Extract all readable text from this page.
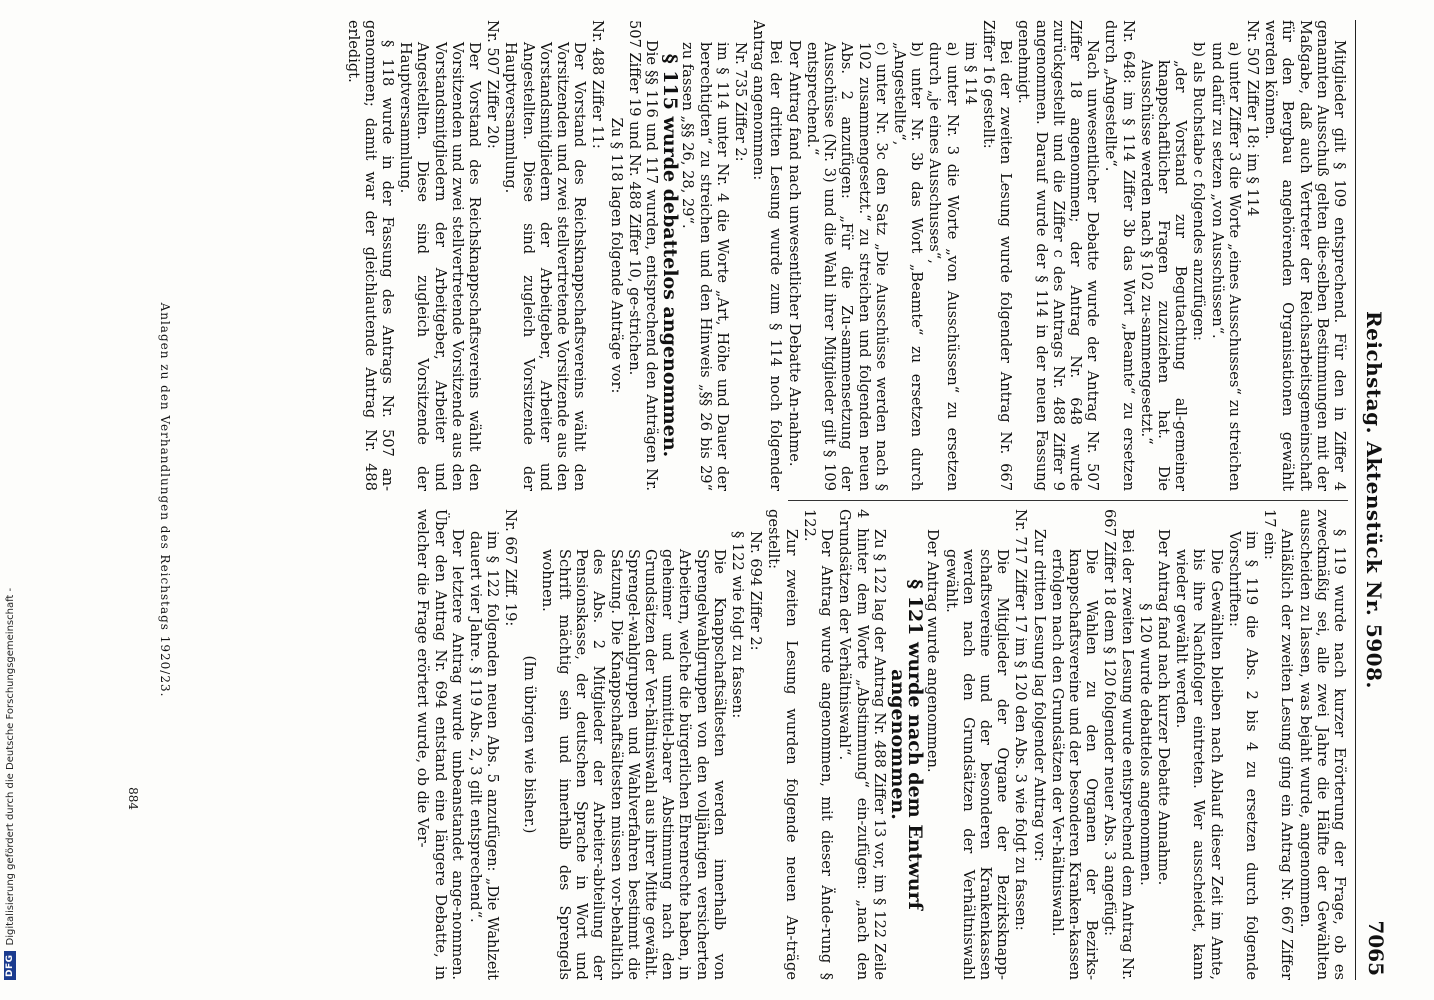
DFG
Digitalisierung gefördert durch die Deutsche Forschungsgemeinschaft -
Reichstag. Aktenstück Nr. 5908.
7065

Mitglieder gilt § 109 entsprechend. Für den in Ziffer 4 genannten Ausschuß gelten die-selben Bestimmungen mit der Maßgabe, daß auch Vertreter der Reichsarbeitsgemeinschaft für den Bergbau angehörenden Organisationen gewählt werden können.

Nr. 507 Ziffer 18: im § 114

a) unter Ziffer 3 die Worte „eines Ausschusses“ zu streichen und dafür zu setzen „von Ausschüssen“.

b) als Buchstabe c folgendes anzufügen:

„der Vorstand zur Begutachtung all-gemeiner knappschaftlicher Fragen zuzuziehen hat. Die Ausschüsse werden nach § 102 zu-sammengesetzt.“

Nr. 648: im § 114 Ziffer 3b das Wort „Beamte“ zu ersetzen durch „Angestellte“.

Nach unwesentlicher Debatte wurde der Antrag Nr. 507 Ziffer 18 angenommen; der Antrag Nr. 648 wurde zurückgestellt und die Ziffer c des Antrags Nr. 488 Ziffer 9 angenommen. Darauf wurde der § 114 in der neuen Fassung genehmigt.

Bei der zweiten Lesung wurde folgender Antrag Nr. 667 Ziffer 16 gestellt:

im § 114

a) unter Nr. 3 die Worte „von Ausschüssen“ zu ersetzen durch „je eines Ausschusses“,

b) unter Nr. 3b das Wort „Beamte“ zu ersetzen durch „Angestellte“,

c) unter Nr. 3c den Satz „Die Ausschüsse werden nach § 102 zusammengesetzt.“ zu streichen und folgenden neuen Abs. 2 anzufügen: „Für die Zu-sammensetzung der Ausschüsse (Nr. 3) und die Wahl ihrer Mitglieder gilt § 109 entsprechend.“

Der Antrag fand nach unwesentlicher Debatte An-nahme.

Bei der dritten Lesung wurde zum § 114 noch folgender Antrag angenommen:

Nr. 735 Ziffer 2:

im § 114 unter Nr. 4 die Worte „Art, Höhe und Dauer der berechtigten“ zu streichen und den Hinweis „§§ 26 bis 29“ zu fassen „§§ 26, 28, 29“.

§ 115 wurde debattelos angenommen.

Die §§ 116 und 117 wurden, entsprechend den Anträgen Nr. 507 Ziffer 19 und Nr. 488 Ziffer 10, ge-strichen.

Zu § 118 lagen folgende Anträge vor:

Nr. 488 Ziffer 11:

Der Vorstand des Reichsknappschaftsvereins wählt den Vorsitzenden und zwei stellvertretende Vorsitzende aus den Vorstandsmitgliedern der Arbeitgeber, Arbeiter und Angestellten. Diese sind zugleich Vorsitzende der Hauptversammlung.

Nr. 507 Ziffer 20:

Der Vorstand des Reichsknappschaftsvereins wählt den Vorsitzenden und zwei stellvertretende Vorsitzende aus den Vorstandsmitgliedern der Arbeitgeber, Arbeiter und Angestellten. Diese sind zugleich Vorsitzende der Hauptversammlung.

§ 118 wurde in der Fassung des Antrags Nr. 507 an-genommen; damit war der gleichlautende Antrag Nr. 488 erledigt.

§ 119 wurde nach kurzer Erörterung der Frage, ob es zweckmäßig sei, alle zwei Jahre die Hälfte der Gewählten ausscheiden zu lassen, was bejaht wurde, angenommen.

Anläßlich der zweiten Lesung ging ein Antrag Nr. 667 Ziffer 17 ein:

im § 119 die Abs. 2 bis 4 zu ersetzen durch folgende Vorschriften:

Die Gewählten bleiben nach Ablauf dieser Zeit im Amte, bis ihre Nachfolger eintreten. Wer ausscheidet, kann wieder gewählt werden.

Der Antrag fand nach kurzer Debatte Annahme.

§ 120 wurde debattelos angenommen.

Bei der zweiten Lesung wurde entsprechend dem Antrag Nr. 667 Ziffer 18 dem § 120 folgender neuer Abs. 3 angefügt:

Die Wahlen zu den Organen der Bezirks-knappschaftsvereine und der besonderen Kranken-kassen erfolgen nach den Grundsätzen der Ver-hältniswahl.

Zur dritten Lesung lag folgender Antrag vor:

Nr. 717 Ziffer 17 im § 120 den Abs. 3 wie folgt zu fassen:

Die Mitglieder der Organe der Bezirksknapp-schaftsvereine und der besonderen Krankenkassen werden nach den Grundsätzen der Verhältniswahl gewählt.

Der Antrag wurde angenommen.

§ 121 wurde nach dem Entwurf angenommen.

Zu § 122 lag der Antrag Nr. 488 Ziffer 13 vor, im § 122 Zeile 4 hinter dem Worte „Abstimmung“ ein-zufügen: „nach den Grundsätzen der Verhältniswahl“.

Der Antrag wurde angenommen, mit dieser Ände-rung § 122.

Zur zweiten Lesung wurden folgende neuen An-träge gestellt:

Nr. 694 Ziffer 2:

§ 122 wie folgt zu fassen:

Die Knappschaftsältesten werden innerhalb von Sprengelwahlgruppen von den volljährigen versicherten Arbeitern, welche die bürgerlichen Ehrenrechte haben, in geheimer und unmittel-barer Abstimmung nach den Grundsätzen der Ver-hältniswahl aus ihrer Mitte gewählt. Sprengel-wahlgruppen und Wahlverfahren bestimmt die Satzung. Die Knappschaftsältesten müssen vor-behaltlich des Abs. 2 Mitglieder der Arbeiter-abteilung der Pensionskasse, der deutschen Sprache in Wort und Schrift mächtig sein und innerhalb des Sprengels wohnen.

(Im übrigen wie bisher.)

Nr. 667 Ziff. 19:

im § 122 folgenden neuen Abs. 5 anzufügen: „Die Wahlzeit dauert vier Jahre. § 119 Abs. 2, 3 gilt entsprechend“.

Der letztere Antrag wurde unbeanstandet ange-nommen. Über den Antrag Nr. 694 entstand eine längere Debatte, in welcher die Frage erörtert wurde, ob die Ver-

Anlagen zu den Verhandlungen des Reichstags 1920/23.
884
